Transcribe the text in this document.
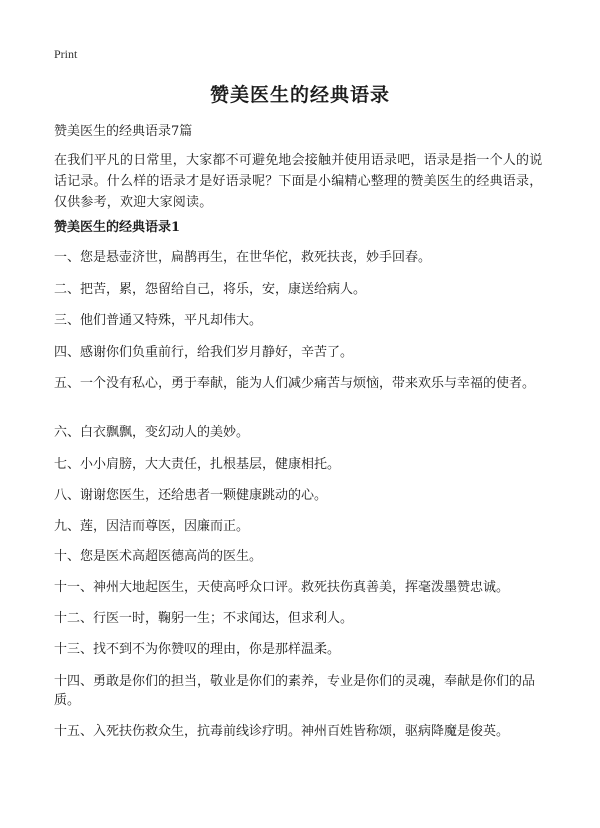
Print
赞美医生的经典语录
赞美医生的经典语录7篇
在我们平凡的日常里，大家都不可避免地会接触并使用语录吧，语录是指一个人的说话记录。什么样的语录才是好语录呢？下面是小编精心整理的赞美医生的经典语录，仅供参考，欢迎大家阅读。
赞美医生的经典语录1
一、您是悬壶济世，扁鹊再生，在世华佗，救死扶丧，妙手回春。
二、把苦，累，怨留给自己，将乐，安，康送给病人。
三、他们普通又特殊，平凡却伟大。
四、感谢你们负重前行，给我们岁月静好，辛苦了。
五、一个没有私心，勇于奉献，能为人们减少痛苦与烦恼，带来欢乐与幸福的使者。
六、白衣飘飘，变幻动人的美妙。
七、小小肩膀，大大责任，扎根基层，健康相托。
八、谢谢您医生，还给患者一颗健康跳动的心。
九、莲，因洁而尊医，因廉而正。
十、您是医术高超医德高尚的医生。
十一、神州大地起医生，天使高呼众口评。救死扶伤真善美，挥毫泼墨赞忠诚。
十二、行医一时，鞠躬一生；不求闻达，但求利人。
十三、找不到不为你赞叹的理由，你是那样温柔。
十四、勇敢是你们的担当，敬业是你们的素养，专业是你们的灵魂，奉献是你们的品质。
十五、入死扶伤救众生，抗毒前线诊疗明。神州百姓皆称颂，驱病降魔是俊英。
